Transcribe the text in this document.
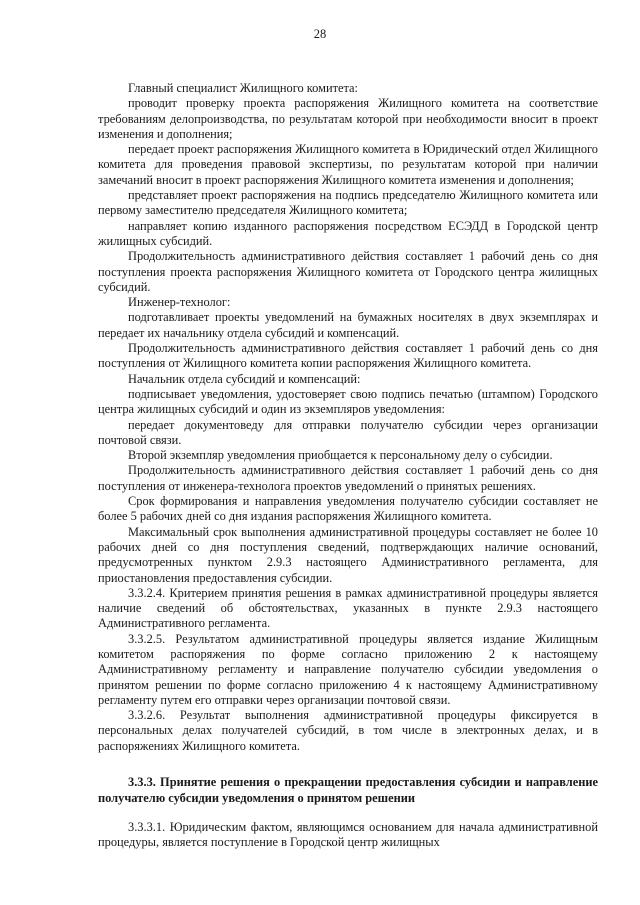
28

Главный специалист Жилищного комитета:

проводит проверку проекта распоряжения Жилищного комитета на соответствие требованиям делопроизводства, по результатам которой при необходимости вносит в проект изменения и дополнения;

передает проект распоряжения Жилищного комитета в Юридический отдел Жилищного комитета для проведения правовой экспертизы, по результатам которой при наличии замечаний вносит в проект распоряжения Жилищного комитета изменения и дополнения;

представляет проект распоряжения на подпись председателю Жилищного комитета или первому заместителю председателя Жилищного комитета;

направляет копию изданного распоряжения посредством ЕСЭДД в Городской центр жилищных субсидий.

Продолжительность административного действия составляет 1 рабочий день со дня поступления проекта распоряжения Жилищного комитета от Городского центра жилищных субсидий.

Инженер-технолог:

подготавливает проекты уведомлений на бумажных носителях в двух экземплярах и передает их начальнику отдела субсидий и компенсаций.

Продолжительность административного действия составляет 1 рабочий день со дня поступления от Жилищного комитета копии распоряжения Жилищного комитета.

Начальник отдела субсидий и компенсаций:

подписывает уведомления, удостоверяет свою подпись печатью (штампом) Городского центра жилищных субсидий и один из экземпляров уведомления:

передает документоведу для отправки получателю субсидии через организации почтовой связи.

Второй экземпляр уведомления приобщается к персональному делу о субсидии.

Продолжительность административного действия составляет 1 рабочий день со дня поступления от инженера-технолога проектов уведомлений о принятых решениях.

Срок формирования и направления уведомления получателю субсидии составляет не более 5 рабочих дней со дня издания распоряжения Жилищного комитета.

Максимальный срок выполнения административной процедуры составляет не более 10 рабочих дней со дня поступления сведений, подтверждающих наличие оснований, предусмотренных пунктом 2.9.3 настоящего Административного регламента, для приостановления предоставления субсидии.

3.3.2.4. Критерием принятия решения в рамках административной процедуры является наличие сведений об обстоятельствах, указанных в пункте 2.9.3 настоящего Административного регламента.

3.3.2.5. Результатом административной процедуры является издание Жилищным комитетом распоряжения по форме согласно приложению 2 к настоящему Административному регламенту и направление получателю субсидии уведомления о принятом решении по форме согласно приложению 4 к настоящему Административному регламенту путем его отправки через организации почтовой связи.

3.3.2.6. Результат выполнения административной процедуры фиксируется в персональных делах получателей субсидий, в том числе в электронных делах, и в распоряжениях Жилищного комитета.

3.3.3. Принятие решения о прекращении предоставления субсидии и направление получателю субсидии уведомления о принятом решении

3.3.3.1. Юридическим фактом, являющимся основанием для начала административной процедуры, является поступление в Городской центр жилищных
